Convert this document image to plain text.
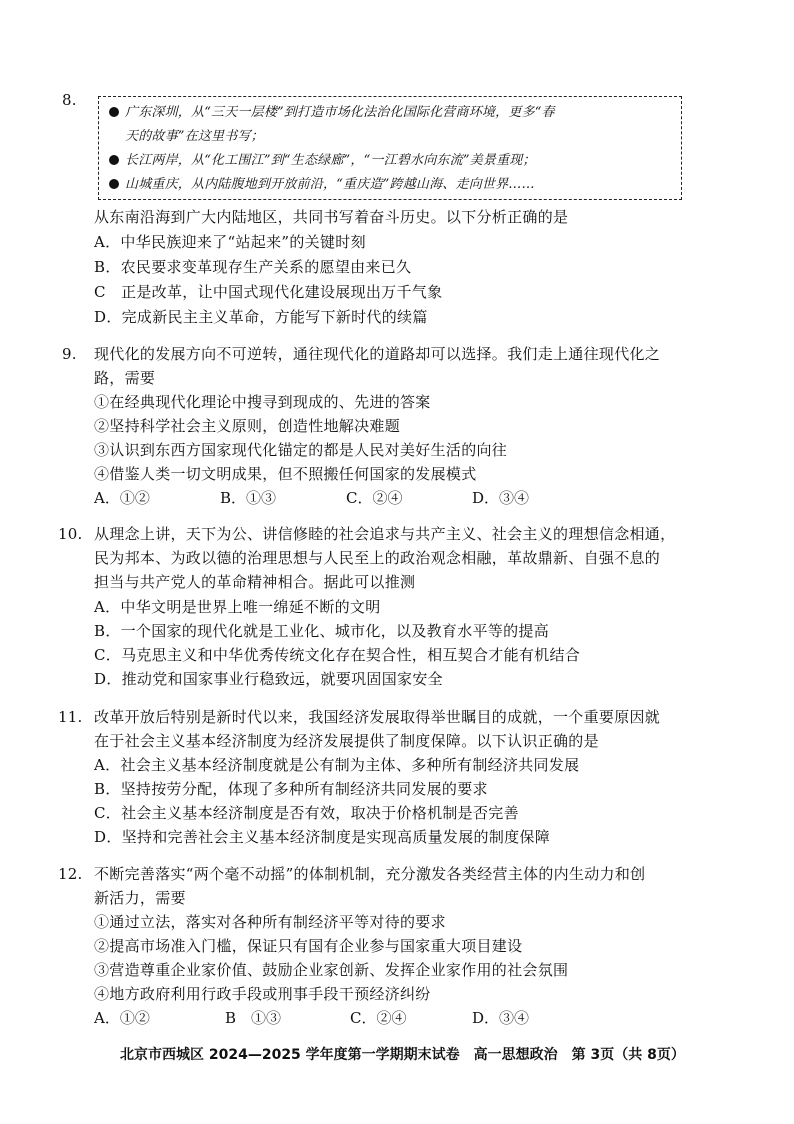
8.
广东深圳，从“三天一层楼”到打造市场化法治化国际化营商环境，更多“春
天的故事”在这里书写；
长江两岸，从“化工围江”到“生态绿廊”，“一江碧水向东流”美景重现；
山城重庆，从内陆腹地到开放前沿，“重庆造”跨越山海、走向世界……
从东南沿海到广大内陆地区，共同书写着奋斗历史。以下分析正确的是
A．中华民族迎来了“站起来”的关键时刻
B．农民要求变革现存生产关系的愿望由来已久
C　正是改革，让中国式现代化建设展现出万千气象
D．完成新民主主义革命，方能写下新时代的续篇
9. 现代化的发展方向不可逆转，通往现代化的道路却可以选择。我们走上通往现代化之
路，需要
①在经典现代化理论中搜寻到现成的、先进的答案
②坚持科学社会主义原则，创造性地解决难题
③认识到东西方国家现代化锚定的都是人民对美好生活的向往
④借鉴人类一切文明成果，但不照搬任何国家的发展模式
A．①②	B．①③	C．②④	D．③④
10. 从理念上讲，天下为公、讲信修睦的社会追求与共产主义、社会主义的理想信念相通，
民为邦本、为政以德的治理思想与人民至上的政治观念相融，革故鼎新、自强不息的
担当与共产党人的革命精神相合。据此可以推测
A．中华文明是世界上唯一绵延不断的文明
B．一个国家的现代化就是工业化、城市化，以及教育水平等的提高
C．马克思主义和中华优秀传统文化存在契合性，相互契合才能有机结合
D．推动党和国家事业行稳致远，就要巩固国家安全
11. 改革开放后特别是新时代以来，我国经济发展取得举世瞩目的成就，一个重要原因就
在于社会主义基本经济制度为经济发展提供了制度保障。以下认识正确的是
A．社会主义基本经济制度就是公有制为主体、多种所有制经济共同发展
B．坚持按劳分配，体现了多种所有制经济共同发展的要求
C．社会主义基本经济制度是否有效，取决于价格机制是否完善
D．坚持和完善社会主义基本经济制度是实现高质量发展的制度保障
12. 不断完善落实“两个毫不动摇”的体制机制，充分激发各类经营主体的内生动力和创
新活力，需要
①通过立法，落实对各种所有制经济平等对待的要求
②提高市场准入门槛，保证只有国有企业参与国家重大项目建设
③营造尊重企业家价值、鼓励企业家创新、发挥企业家作用的社会氛围
④地方政府利用行政手段或刑事手段干预经济纠纷
A．①②	B　①③	C．②④	D．③④
北京市西城区 2024—2025 学年度第一学期期末试卷　高一思想政治　第 3页（共 8页）
